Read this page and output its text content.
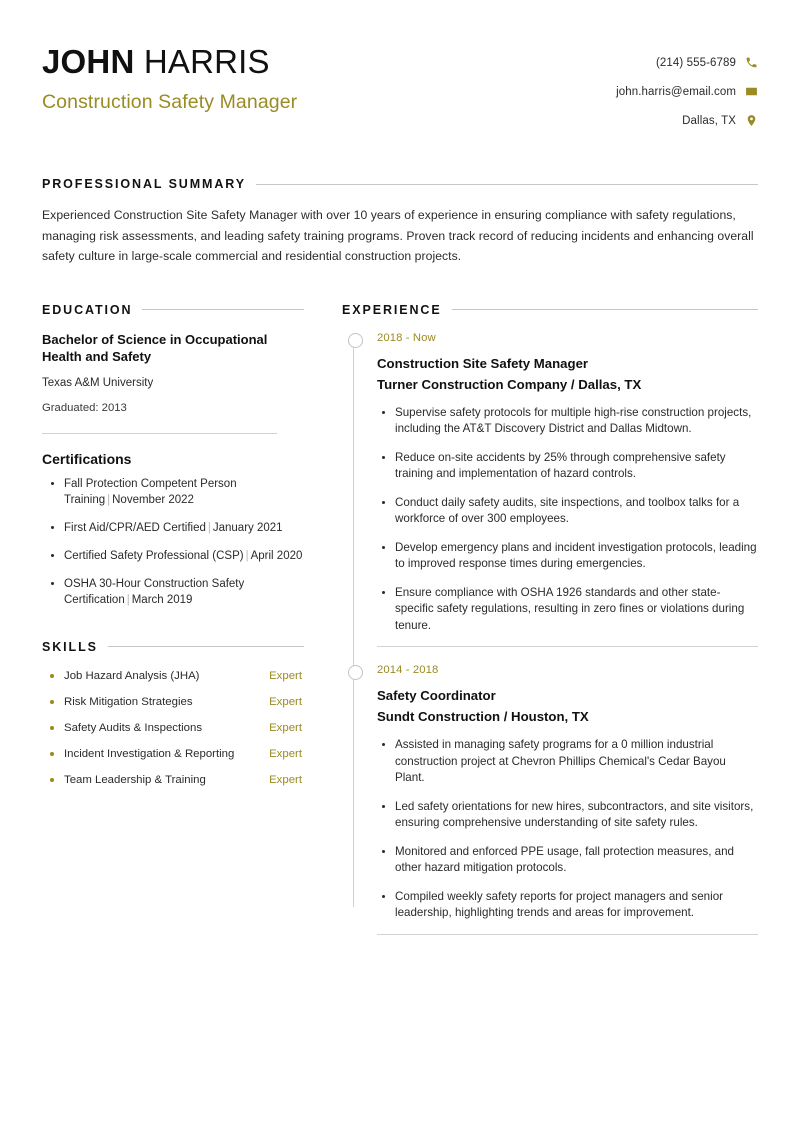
JOHN HARRIS
Construction Safety Manager
(214) 555-6789
john.harris@email.com
Dallas, TX
PROFESSIONAL SUMMARY
Experienced Construction Site Safety Manager with over 10 years of experience in ensuring compliance with safety regulations, managing risk assessments, and leading safety training programs. Proven track record of reducing incidents and enhancing overall safety culture in large-scale commercial and residential construction projects.
EDUCATION
Bachelor of Science in Occupational Health and Safety
Texas A&M University
Graduated: 2013
Certifications
Fall Protection Competent Person Training | November 2022
First Aid/CPR/AED Certified | January 2021
Certified Safety Professional (CSP) | April 2020
OSHA 30-Hour Construction Safety Certification | March 2019
SKILLS
Job Hazard Analysis (JHA)	Expert
Risk Mitigation Strategies	Expert
Safety Audits & Inspections	Expert
Incident Investigation & Reporting	Expert
Team Leadership & Training	Expert
EXPERIENCE
2018 - Now
Construction Site Safety Manager
Turner Construction Company / Dallas, TX
Supervise safety protocols for multiple high-rise construction projects, including the AT&T Discovery District and Dallas Midtown.
Reduce on-site accidents by 25% through comprehensive safety training and implementation of hazard controls.
Conduct daily safety audits, site inspections, and toolbox talks for a workforce of over 300 employees.
Develop emergency plans and incident investigation protocols, leading to improved response times during emergencies.
Ensure compliance with OSHA 1926 standards and other state-specific safety regulations, resulting in zero fines or violations during tenure.
2014 - 2018
Safety Coordinator
Sundt Construction / Houston, TX
Assisted in managing safety programs for a 0 million industrial construction project at Chevron Phillips Chemical's Cedar Bayou Plant.
Led safety orientations for new hires, subcontractors, and site visitors, ensuring comprehensive understanding of site safety rules.
Monitored and enforced PPE usage, fall protection measures, and other hazard mitigation protocols.
Compiled weekly safety reports for project managers and senior leadership, highlighting trends and areas for improvement.
